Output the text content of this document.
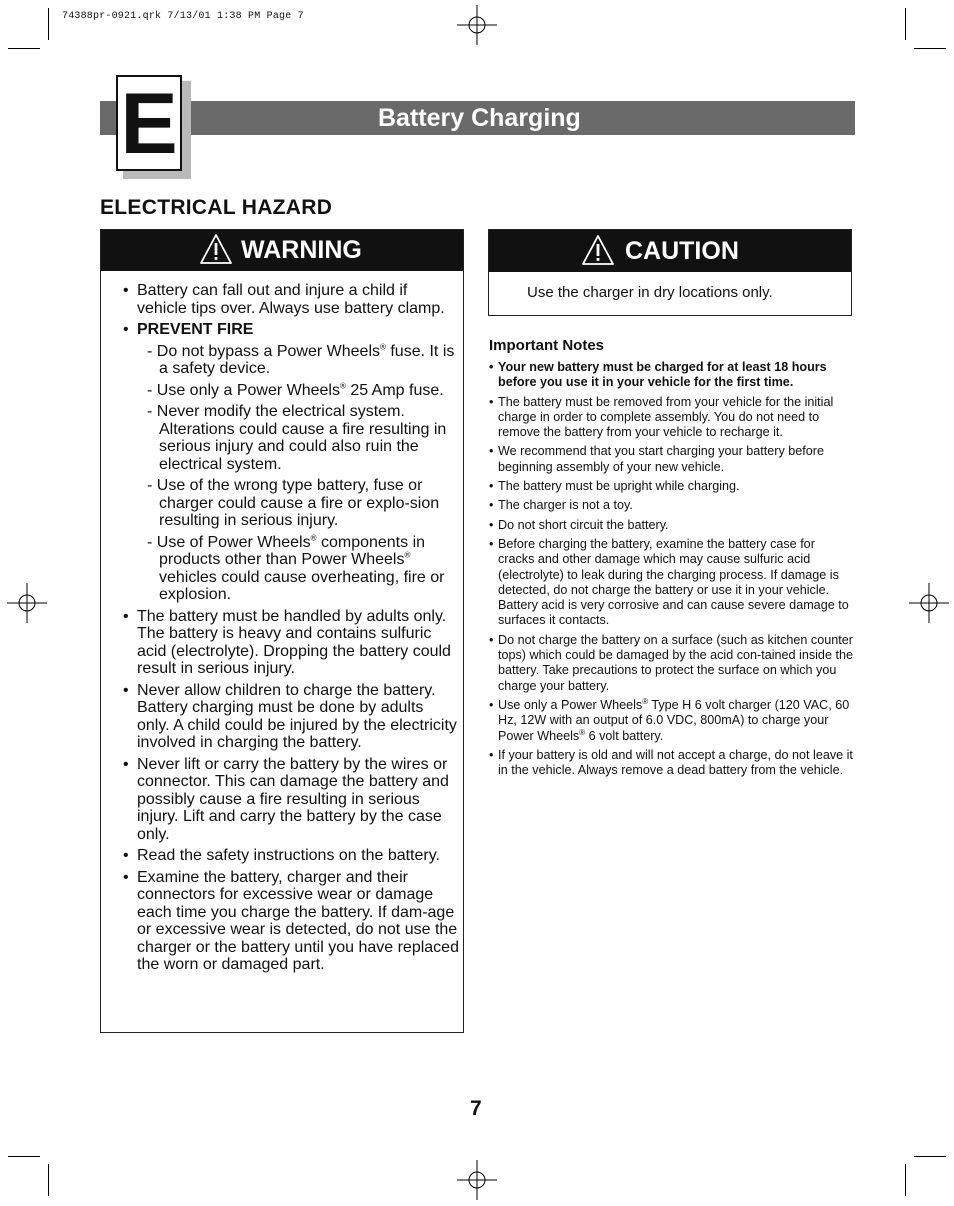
74388pr-0921.qrk 7/13/01 1:38 PM Page 7
Battery Charging
E
ELECTRICAL HAZARD
WARNING
• Battery can fall out and injure a child if vehicle tips over. Always use battery clamp.
• PREVENT FIRE
- Do not bypass a Power Wheels® fuse. It is a safety device.
- Use only a Power Wheels® 25 Amp fuse.
- Never modify the electrical system. Alterations could cause a fire resulting in serious injury and could also ruin the electrical system.
- Use of the wrong type battery, fuse or charger could cause a fire or explo-sion resulting in serious injury.
- Use of Power Wheels® components in products other than Power Wheels® vehicles could cause overheating, fire or explosion.
• The battery must be handled by adults only. The battery is heavy and contains sulfuric acid (electrolyte). Dropping the battery could result in serious injury.
• Never allow children to charge the battery. Battery charging must be done by adults only. A child could be injured by the electricity involved in charging the battery.
• Never lift or carry the battery by the wires or connector. This can damage the battery and possibly cause a fire resulting in serious injury. Lift and carry the battery by the case only.
• Read the safety instructions on the battery.
• Examine the battery, charger and their connectors for excessive wear or damage each time you charge the battery. If dam-age or excessive wear is detected, do not use the charger or the battery until you have replaced the worn or damaged part.
CAUTION
Use the charger in dry locations only.
Important Notes
• Your new battery must be charged for at least 18 hours before you use it in your vehicle for the first time.
• The battery must be removed from your vehicle for the initial charge in order to complete assembly. You do not need to remove the battery from your vehicle to recharge it.
• We recommend that you start charging your battery before beginning assembly of your new vehicle.
• The battery must be upright while charging.
• The charger is not a toy.
• Do not short circuit the battery.
• Before charging the battery, examine the battery case for cracks and other damage which may cause sulfuric acid (electrolyte) to leak during the charging process. If damage is detected, do not charge the battery or use it in your vehicle. Battery acid is very corrosive and can cause severe damage to surfaces it contacts.
• Do not charge the battery on a surface (such as kitchen counter tops) which could be damaged by the acid con-tained inside the battery. Take precautions to protect the surface on which you charge your battery.
• Use only a Power Wheels® Type H 6 volt charger (120 VAC, 60 Hz, 12W with an output of 6.0 VDC, 800mA) to charge your Power Wheels® 6 volt battery.
• If your battery is old and will not accept a charge, do not leave it in the vehicle. Always remove a dead battery from the vehicle.
7
